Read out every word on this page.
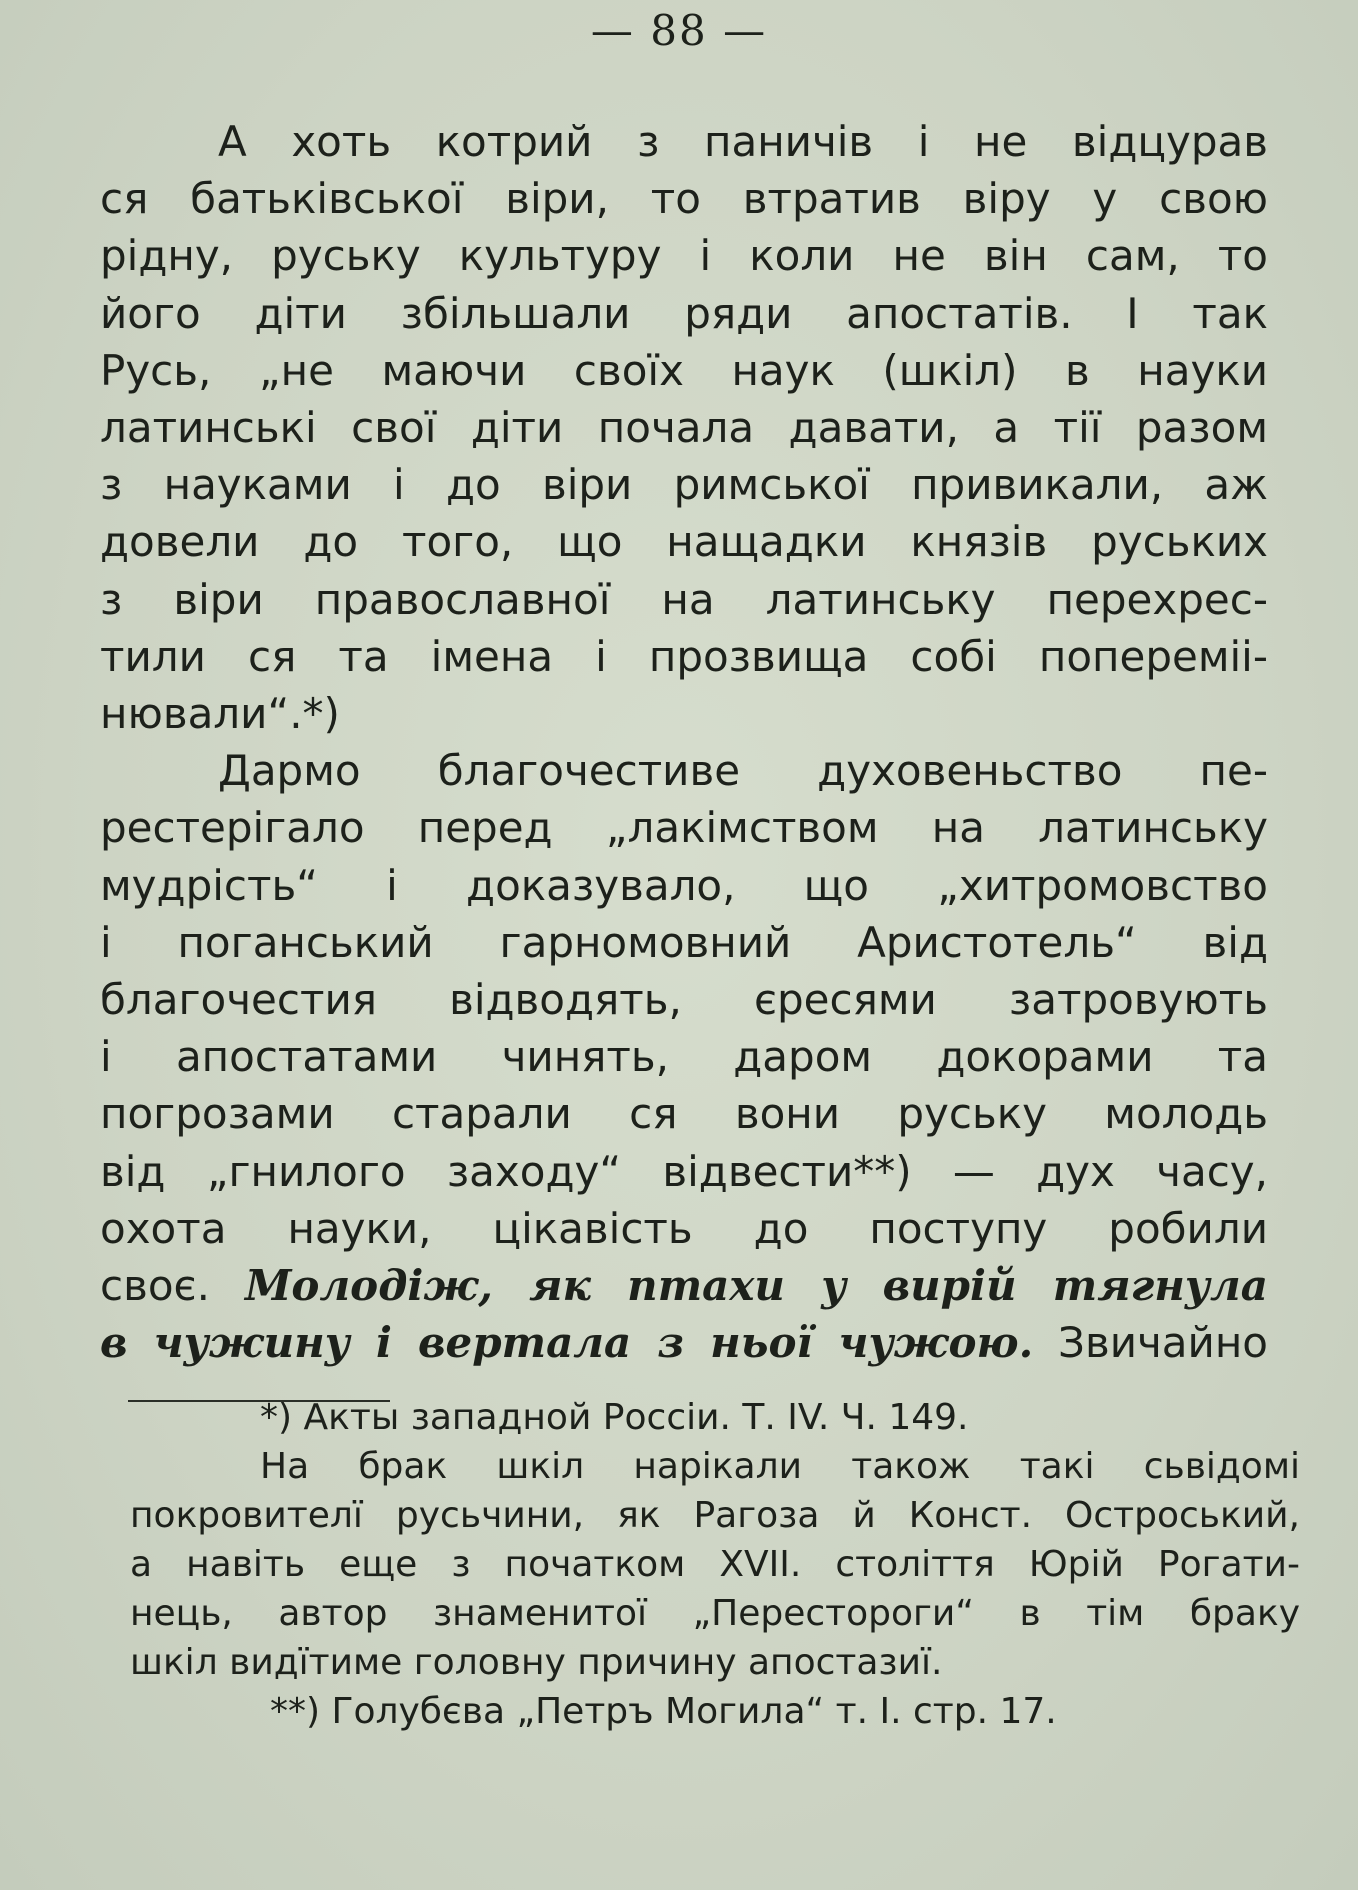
— 88 —
А хоть котрий з паничів і не відцурав
ся батьківської віри, то втратив віру у свою
рідну, руську культуру і коли не він сам, то
його діти збільшали ряди апостатів. І так
Русь, „не маючи своїх наук (шкіл) в науки
латинські свої діти почала давати, а тії разом
з науками і до віри римської привикали, аж
довели до того, що нащадки князів руських
з віри православної на латинську перехрес-
тили ся та імена і прозвища собі попереміі-
нювали“.*)
Дармо благочестиве духовеньство пе-
рестерігало перед „лакімством на латинську
мудрість“ і доказувало, що „хитромовство
і поганський гарномовний Аристотель“ від
благочестия відводять, єресями затровують
і апостатами чинять, даром докорами та
погрозами старали ся вони руську молодь
від „гнилого заходу“ відвести**) — дух часу,
охота науки, цікавість до поступу робили
своє. Молодіж, як птахи у вирій тягнула
в чужину і вертала з ньої чужою. Звичайно
*) Акты западной Россіи. Т. IV. Ч. 149.
На брак шкіл нарікали також такі сьвідомі
покровителї русьчини, як Рагоза й Конст. Остроський,
а навіть еще з початком XVII. століття Юрій Рогати-
нець, автор знаменитої „Перестороги“ в тім браку
шкіл видїтиме головну причину апостазиї.
**) Голубєва „Петръ Могила“ т. I. стр. 17.
